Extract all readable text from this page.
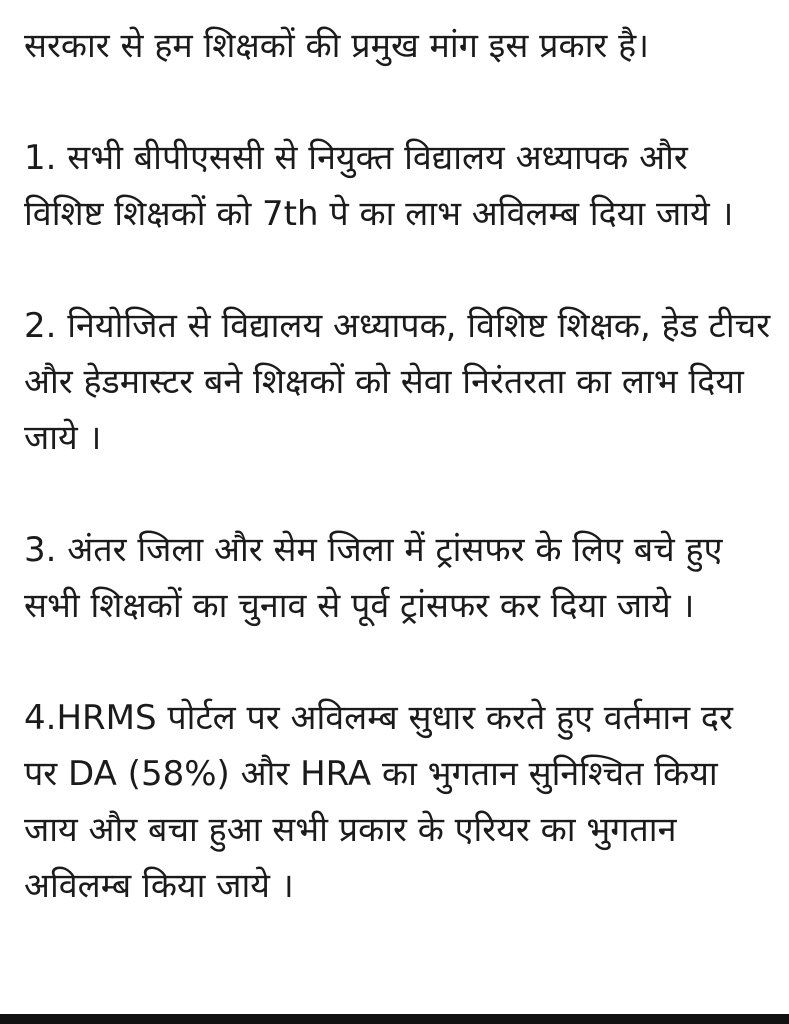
सरकार से हम शिक्षकों की प्रमुख मांग इस प्रकार है।

1. सभी बीपीएससी से नियुक्त विद्यालय अध्यापक और विशिष्ट शिक्षकों को 7th पे का लाभ अविलम्ब दिया जाये ।

2. नियोजित से विद्यालय अध्यापक, विशिष्ट शिक्षक, हेड टीचर और हेडमास्टर बने शिक्षकों को सेवा निरंतरता का लाभ दिया जाये ।

3. अंतर जिला और सेम जिला में ट्रांसफर के लिए बचे हुए सभी शिक्षकों का चुनाव से पूर्व ट्रांसफर कर दिया जाये ।

4.HRMS पोर्टल पर अविलम्ब सुधार करते हुए वर्तमान दर पर DA (58%) और HRA का भुगतान सुनिश्चित किया जाय और बचा हुआ सभी प्रकार के एरियर का भुगतान अविलम्ब किया जाये ।
